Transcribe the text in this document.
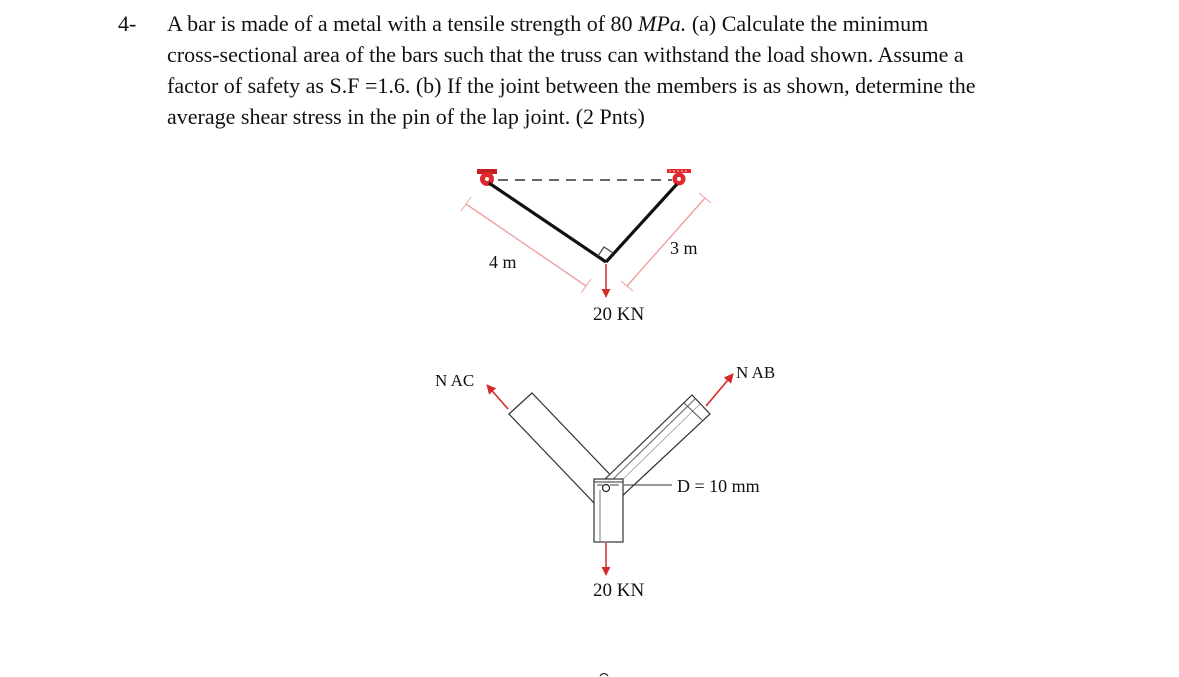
4- A bar is made of a metal with a tensile strength of 80 MPa. (a) Calculate the minimum
cross-sectional area of the bars such that the truss can withstand the load shown. Assume a
factor of safety as S.F =1.6. (b) If the joint between the members is as shown, determine the
average shear stress in the pin of the lap joint. (2 Pnts)
4 m
3 m
20 KN
N AC	N AB
D = 10 mm
20 KN
